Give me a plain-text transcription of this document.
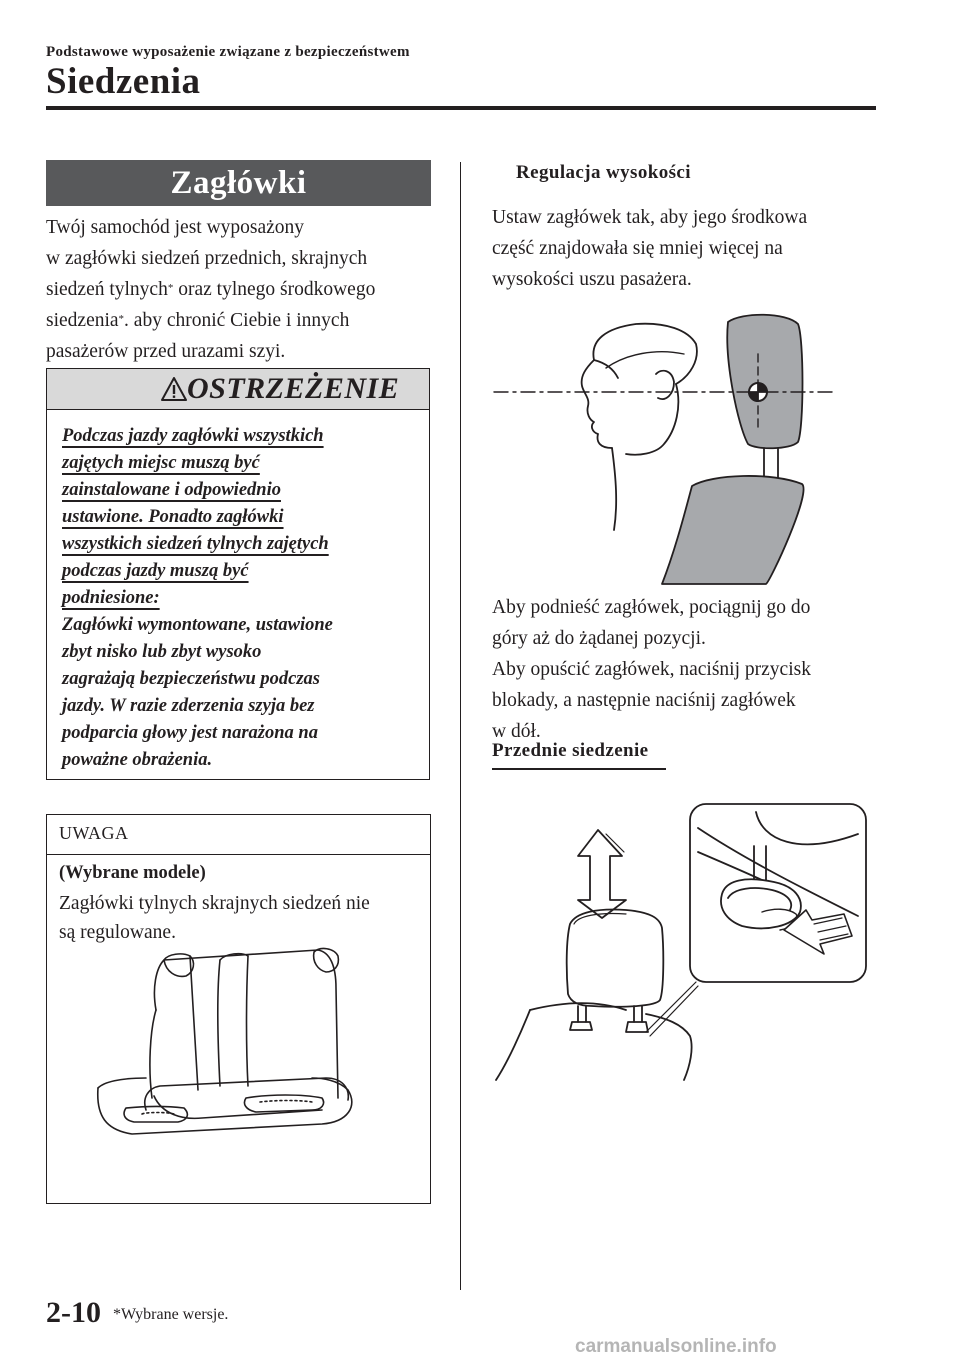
Podstawowe wyposażenie związane z bezpieczeństwem
Siedzenia
Zagłówki
Twój samochód jest wyposażony
w zagłówki siedzeń przednich, skrajnych
siedzeń tylnych* oraz tylnego środkowego
siedzenia*. aby chronić Ciebie i innych
pasażerów przed urazami szyi.
OSTRZEŻENIE
Podczas jazdy zagłówki wszystkich
zajętych miejsc muszą być
zainstalowane i odpowiednio
ustawione. Ponadto zagłówki
wszystkich siedzeń tylnych zajętych
podczas jazdy muszą być
podniesione:
Zagłówki wymontowane, ustawione
zbyt nisko lub zbyt wysoko
zagrażają bezpieczeństwu podczas
jazdy. W razie zderzenia szyja bez
podparcia głowy jest narażona na
poważne obrażenia.
UWAGA
(Wybrane modele)
Zagłówki tylnych skrajnych siedzeń nie
są regulowane.
Regulacja wysokości
Ustaw zagłówek tak, aby jego środkowa
część znajdowała się mniej więcej na
wysokości uszu pasażera.
Aby podnieść zagłówek, pociągnij go do
góry aż do żądanej pozycji.
Aby opuścić zagłówek, naciśnij przycisk
blokady, a następnie naciśnij zagłówek
w dół.
Przednie siedzenie
2-10 *Wybrane wersje.
carmanualsonline.info
